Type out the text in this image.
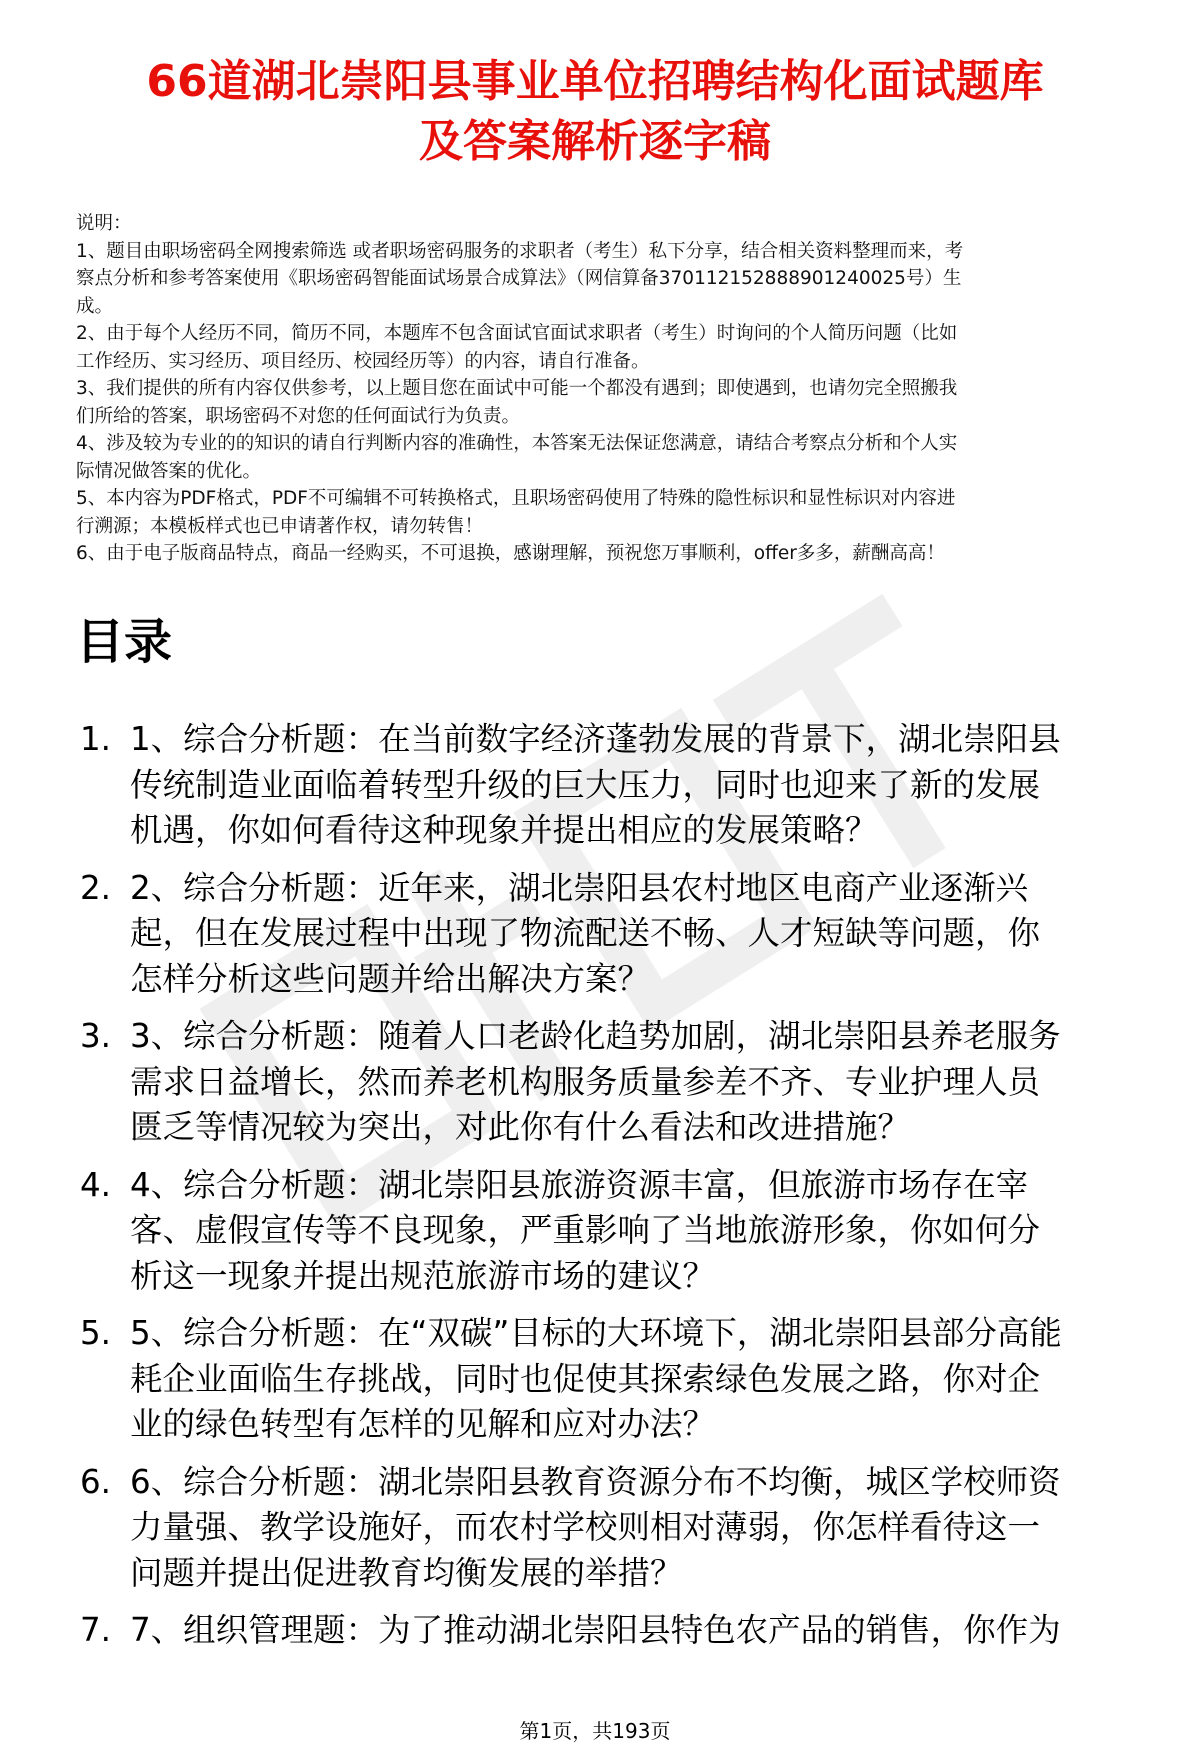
66道湖北崇阳县事业单位招聘结构化面试题库
及答案解析逐字稿

说明：

1、题目由职场密码全网搜索筛选 或者职场密码服务的求职者（考生）私下分享，结合相关资料整理而来，考

察点分析和参考答案使用《职场密码智能面试场景合成算法》（网信算备370112152888901240025号）生

成。

2、由于每个人经历不同，简历不同，本题库不包含面试官面试求职者（考生）时询问的个人简历问题（比如

工作经历、实习经历、项目经历、校园经历等）的内容，请自行准备。

3、我们提供的所有内容仅供参考，以上题目您在面试中可能一个都没有遇到；即使遇到，也请勿完全照搬我

们所给的答案，职场密码不对您的任何面试行为负责。

4、涉及较为专业的的知识的请自行判断内容的准确性，本答案无法保证您满意，请结合考察点分析和个人实

际情况做答案的优化。

5、本内容为PDF格式，PDF不可编辑不可转换格式，且职场密码使用了特殊的隐性标识和显性标识对内容进

行溯源；本模板样式也已申请著作权，请勿转售！

6、由于电子版商品特点，商品一经购买，不可退换，感谢理解，预祝您万事顺利，offer多多，薪酬高高！

目录
1. 1、综合分析题：在当前数字经济蓬勃发展的背景下，湖北崇阳县
传统制造业面临着转型升级的巨大压力，同时也迎来了新的发展
机遇，你如何看待这种现象并提出相应的发展策略？
2. 2、综合分析题：近年来，湖北崇阳县农村地区电商产业逐渐兴
起，但在发展过程中出现了物流配送不畅、人才短缺等问题，你
怎样分析这些问题并给出解决方案？
3. 3、综合分析题：随着人口老龄化趋势加剧，湖北崇阳县养老服务
需求日益增长，然而养老机构服务质量参差不齐、专业护理人员
匮乏等情况较为突出，对此你有什么看法和改进措施？
4. 4、综合分析题：湖北崇阳县旅游资源丰富，但旅游市场存在宰
客、虚假宣传等不良现象，严重影响了当地旅游形象，你如何分
析这一现象并提出规范旅游市场的建议？
5. 5、综合分析题：在“双碳”目标的大环境下，湖北崇阳县部分高能
耗企业面临生存挑战，同时也促使其探索绿色发展之路，你对企
业的绿色转型有怎样的见解和应对办法？
6. 6、综合分析题：湖北崇阳县教育资源分布不均衡，城区学校师资
力量强、教学设施好，而农村学校则相对薄弱，你怎样看待这一
问题并提出促进教育均衡发展的举措？
7. 7、组织管理题：为了推动湖北崇阳县特色农产品的销售，你作为
第1页，共193页
